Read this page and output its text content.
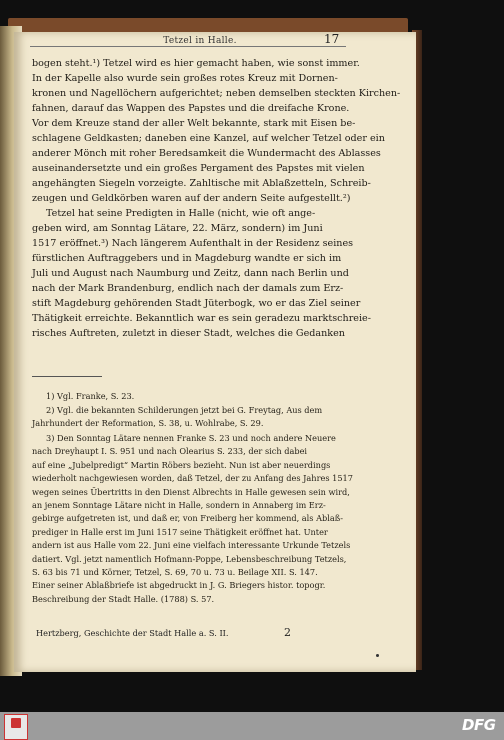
Tetzel in Halle.	17
bogen steht.¹) Tetzel wird es hier gemacht haben, wie sonst immer.
In der Kapelle also wurde sein großes rotes Kreuz mit Dornen-
kronen und Nagellöchern aufgerichtet; neben demselben steckten Kirchen-
fahnen, darauf das Wappen des Papstes und die dreifache Krone.
Vor dem Kreuze stand der aller Welt bekannte, stark mit Eisen be-
schlagene Geldkasten; daneben eine Kanzel, auf welcher Tetzel oder ein
anderer Mönch mit roher Beredsamkeit die Wundermacht des Ablasses
auseinandersetzte und ein großes Pergament des Papstes mit vielen
angehängten Siegeln vorzeigte. Zahltische mit Ablaßzetteln, Schreib-
zeugen und Geldkörben waren auf der andern Seite aufgestellt.²)
Tetzel hat seine Predigten in Halle (nicht, wie oft ange-
geben wird, am Sonntag Lätare, 22. März, sondern) im Juni
1517 eröffnet.³) Nach längerem Aufenthalt in der Residenz seines
fürstlichen Auftraggebers und in Magdeburg wandte er sich im
Juli und August nach Naumburg und Zeitz, dann nach Berlin und
nach der Mark Brandenburg, endlich nach der damals zum Erz-
stift Magdeburg gehörenden Stadt Jüterbogk, wo er das Ziel seiner
Thätigkeit erreichte. Bekanntlich war es sein geradezu marktschreie-
risches Auftreten, zuletzt in dieser Stadt, welches die Gedanken
1) Vgl. Franke, S. 23.
2) Vgl. die bekannten Schilderungen jetzt bei G. Freytag, Aus dem
Jahrhundert der Reformation, S. 38, u. Wohlrabe, S. 29.
3) Den Sonntag Lätare nennen Franke S. 23 und noch andere Neuere
nach Dreyhaupt I. S. 951 und nach Olearius S. 233, der sich dabei
auf eine „Jubelpredigt“ Martin Röbers bezieht. Nun ist aber neuerdings
wiederholt nachgewiesen worden, daß Tetzel, der zu Anfang des Jahres 1517
wegen seines Übertritts in den Dienst Albrechts in Halle gewesen sein wird,
an jenem Sonntage Lätare nicht in Halle, sondern in Annaberg im Erz-
gebirge aufgetreten ist, und daß er, von Freiberg her kommend, als Ablaß-
prediger in Halle erst im Juni 1517 seine Thätigkeit eröffnet hat. Unter
andern ist aus Halle vom 22. Juni eine vielfach interessante Urkunde Tetzels
datiert. Vgl. jetzt namentlich Hofmann-Poppe, Lebensbeschreibung Tetzels,
S. 63 bis 71 und Körner, Tetzel, S. 69, 70 u. 73 u. Beilage XII. S. 147.
Einer seiner Ablaßbriefe ist abgedruckt in J. G. Briegers histor. topogr.
Beschreibung der Stadt Halle. (1788) S. 57.
Hertzberg, Geschichte der Stadt Halle a. S. II.	2
DFG
